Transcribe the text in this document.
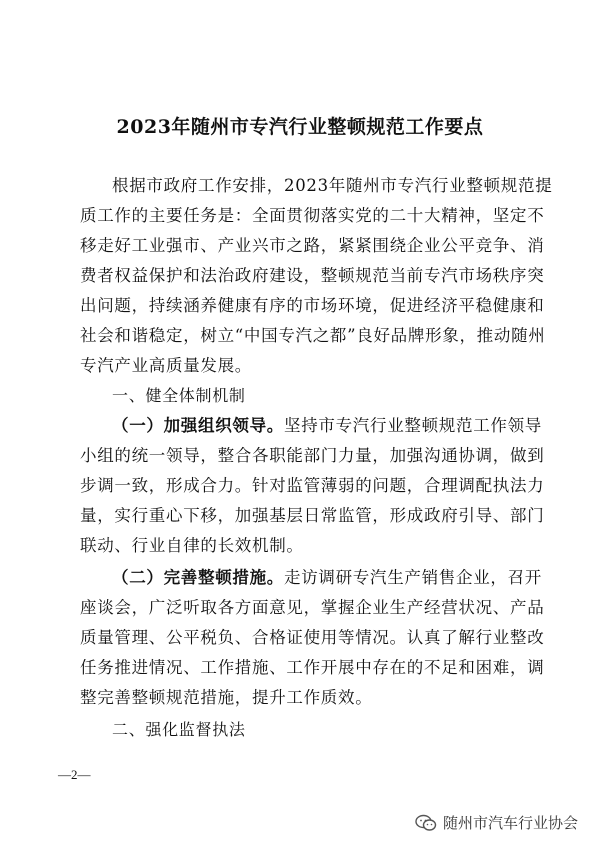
2023年随州市专汽行业整顿规范工作要点
根据市政府工作安排，2023年随州市专汽行业整顿规范提
质工作的主要任务是：全面贯彻落实党的二十大精神，坚定不
移走好工业强市、产业兴市之路，紧紧围绕企业公平竞争、消
费者权益保护和法治政府建设，整顿规范当前专汽市场秩序突
出问题，持续涵养健康有序的市场环境，促进经济平稳健康和
社会和谐稳定，树立“中国专汽之都”良好品牌形象，推动随州
专汽产业高质量发展。
一、健全体制机制
（一）加强组织领导。坚持市专汽行业整顿规范工作领导
小组的统一领导，整合各职能部门力量，加强沟通协调，做到
步调一致，形成合力。针对监管薄弱的问题，合理调配执法力
量，实行重心下移，加强基层日常监管，形成政府引导、部门
联动、行业自律的长效机制。
（二）完善整顿措施。走访调研专汽生产销售企业，召开
座谈会，广泛听取各方面意见，掌握企业生产经营状况、产品
质量管理、公平税负、合格证使用等情况。认真了解行业整改
任务推进情况、工作措施、工作开展中存在的不足和困难，调
整完善整顿规范措施，提升工作质效。
二、强化监督执法
—2—
随州市汽车行业协会
